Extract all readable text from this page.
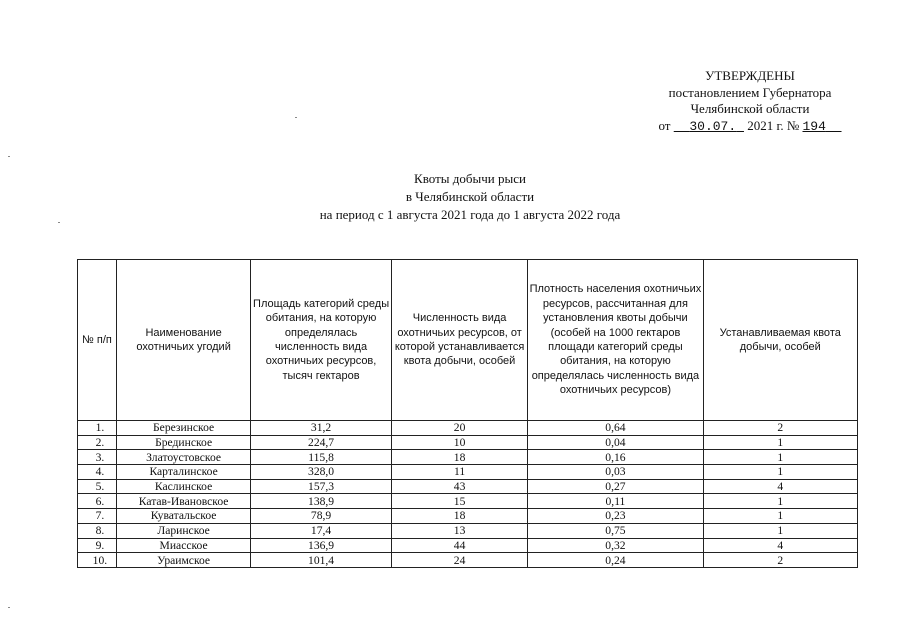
УТВЕРЖДЕНЫ
постановлением Губернатора
Челябинской области
от 30.07. 2021 г. № 194
Квоты добычи рыси
в Челябинской области
на период с 1 августа 2021 года до 1 августа 2022 года
№ п/п	Наименование охотничьих угодий	Площадь категорий среды обитания, на которую определялась численность вида охотничьих ресурсов, тысяч гектаров	Численность вида охотничьих ресурсов, от которой устанавливается квота добычи, особей	Плотность населения охотничьих ресурсов, рассчитанная для установления квоты добычи (особей на 1000 гектаров площади категорий среды обитания, на которую определялась численность вида охотничьих ресурсов)	Устанавливаемая квота добычи, особей
1.	Березинское	31,2	20	0,64	2
2.	Брединское	224,7	10	0,04	1
3.	Златоустовское	115,8	18	0,16	1
4.	Карталинское	328,0	11	0,03	1
5.	Каслинское	157,3	43	0,27	4
6.	Катав-Ивановское	138,9	15	0,11	1
7.	Куватальское	78,9	18	0,23	1
8.	Ларинское	17,4	13	0,75	1
9.	Миасское	136,9	44	0,32	4
10.	Ураимское	101,4	24	0,24	2
